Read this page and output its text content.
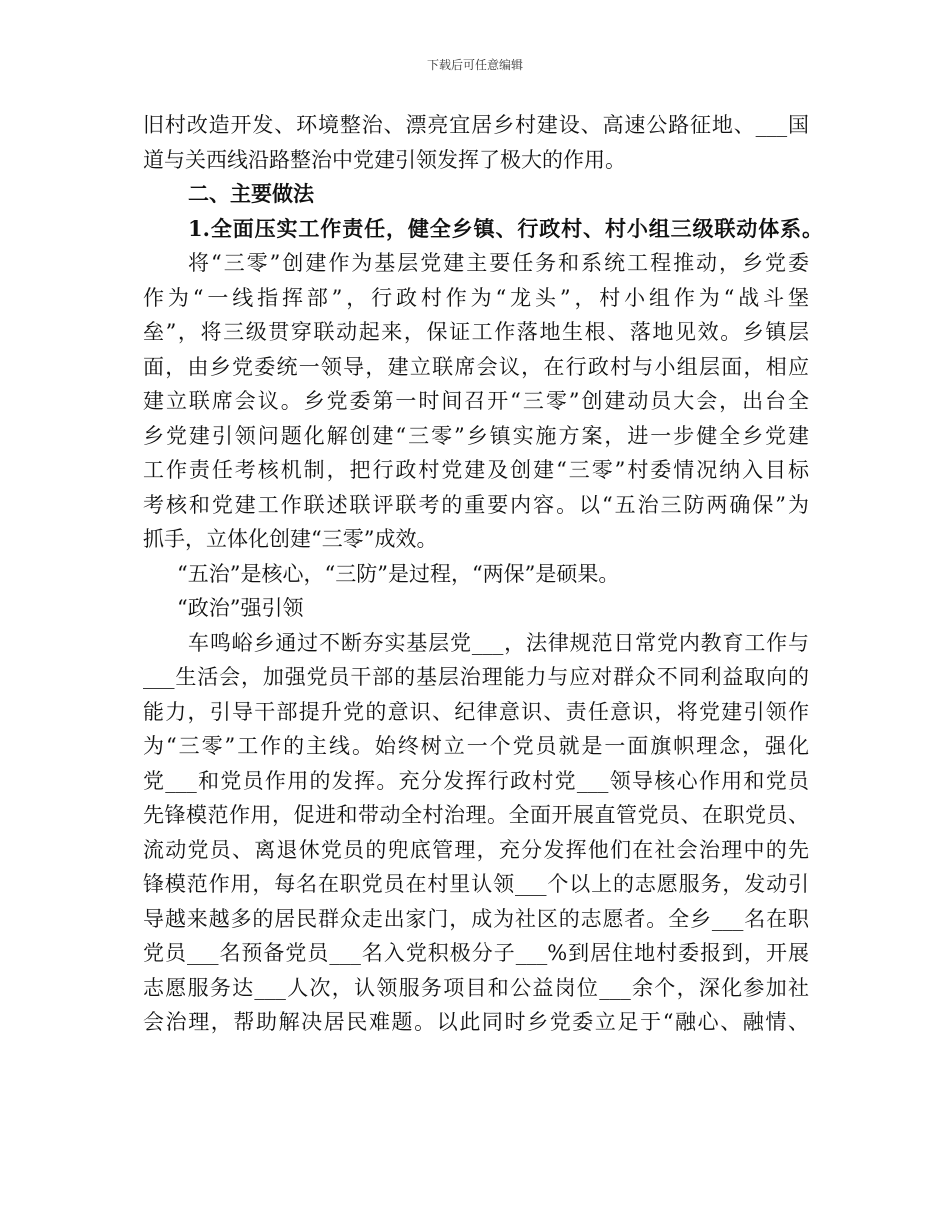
下载后可任意编辑
旧村改造开发、环境整治、漂亮宜居乡村建设、高速公路征地、___国
道与关西线沿路整治中党建引领发挥了极大的作用。
二、主要做法
1.全面压实工作责任，健全乡镇、行政村、村小组三级联动体系。
将“三零”创建作为基层党建主要任务和系统工程推动，乡党委
作为“一线指挥部”，行政村作为“龙头”，村小组作为“战斗堡
垒”，将三级贯穿联动起来，保证工作落地生根、落地见效。乡镇层
面，由乡党委统一领导，建立联席会议，在行政村与小组层面，相应
建立联席会议。乡党委第一时间召开“三零”创建动员大会，出台全
乡党建引领问题化解创建“三零”乡镇实施方案，进一步健全乡党建
工作责任考核机制，把行政村党建及创建“三零”村委情况纳入目标
考核和党建工作联述联评联考的重要内容。以“五治三防两确保”为
抓手，立体化创建“三零”成效。
“五治”是核心，“三防”是过程，“两保”是硕果。
“政治”强引领
车鸣峪乡通过不断夯实基层党___，法律规范日常党内教育工作与
___生活会，加强党员干部的基层治理能力与应对群众不同利益取向的
能力，引导干部提升党的意识、纪律意识、责任意识，将党建引领作
为“三零”工作的主线。始终树立一个党员就是一面旗帜理念，强化
党___和党员作用的发挥。充分发挥行政村党___领导核心作用和党员
先锋模范作用，促进和带动全村治理。全面开展直管党员、在职党员、
流动党员、离退休党员的兜底管理，充分发挥他们在社会治理中的先
锋模范作用，每名在职党员在村里认领___个以上的志愿服务，发动引
导越来越多的居民群众走出家门，成为社区的志愿者。全乡___名在职
党员___名预备党员___名入党积极分子___%到居住地村委报到，开展
志愿服务达___人次，认领服务项目和公益岗位___余个，深化参加社
会治理，帮助解决居民难题。以此同时乡党委立足于“融心、融情、
